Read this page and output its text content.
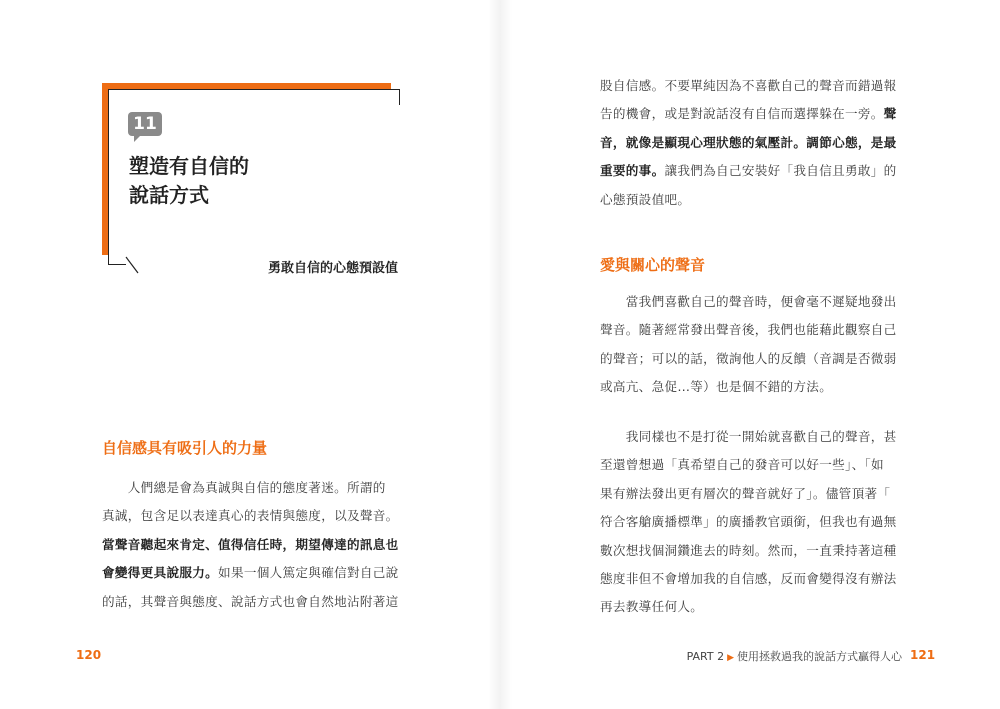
11
塑造有自信的
說話方式
勇敢自信的心態預設值
自信感具有吸引人的力量
　　人們總是會為真誠與自信的態度著迷。所謂的
真誠，包含足以表達真心的表情與態度，以及聲音。
當聲音聽起來肯定、值得信任時，期望傳達的訊息也
會變得更具說服力。如果一個人篤定與確信對自己說
的話，其聲音與態度、說話方式也會自然地沾附著這
120
股自信感。不要單純因為不喜歡自己的聲音而錯過報
告的機會，或是對說話沒有自信而選擇躲在一旁。聲
音，就像是顯現心理狀態的氣壓計。調節心態，是最
重要的事。讓我們為自己安裝好「我自信且勇敢」的
心態預設值吧。
愛與關心的聲音
　　當我們喜歡自己的聲音時，便會毫不遲疑地發出
聲音。隨著經常發出聲音後，我們也能藉此觀察自己
的聲音；可以的話，徵詢他人的反饋（音調是否微弱
或高亢、急促…等）也是個不錯的方法。
　　我同樣也不是打從一開始就喜歡自己的聲音，甚
至還曾想過「真希望自己的發音可以好一些」、「如
果有辦法發出更有層次的聲音就好了」。儘管頂著「
符合客艙廣播標準」的廣播教官頭銜，但我也有過無
數次想找個洞鑽進去的時刻。然而，一直秉持著這種
態度非但不會增加我的自信感，反而會變得沒有辦法
再去教導任何人。
PART 2 ▶ 使用拯救過我的說話方式贏得人心 121
